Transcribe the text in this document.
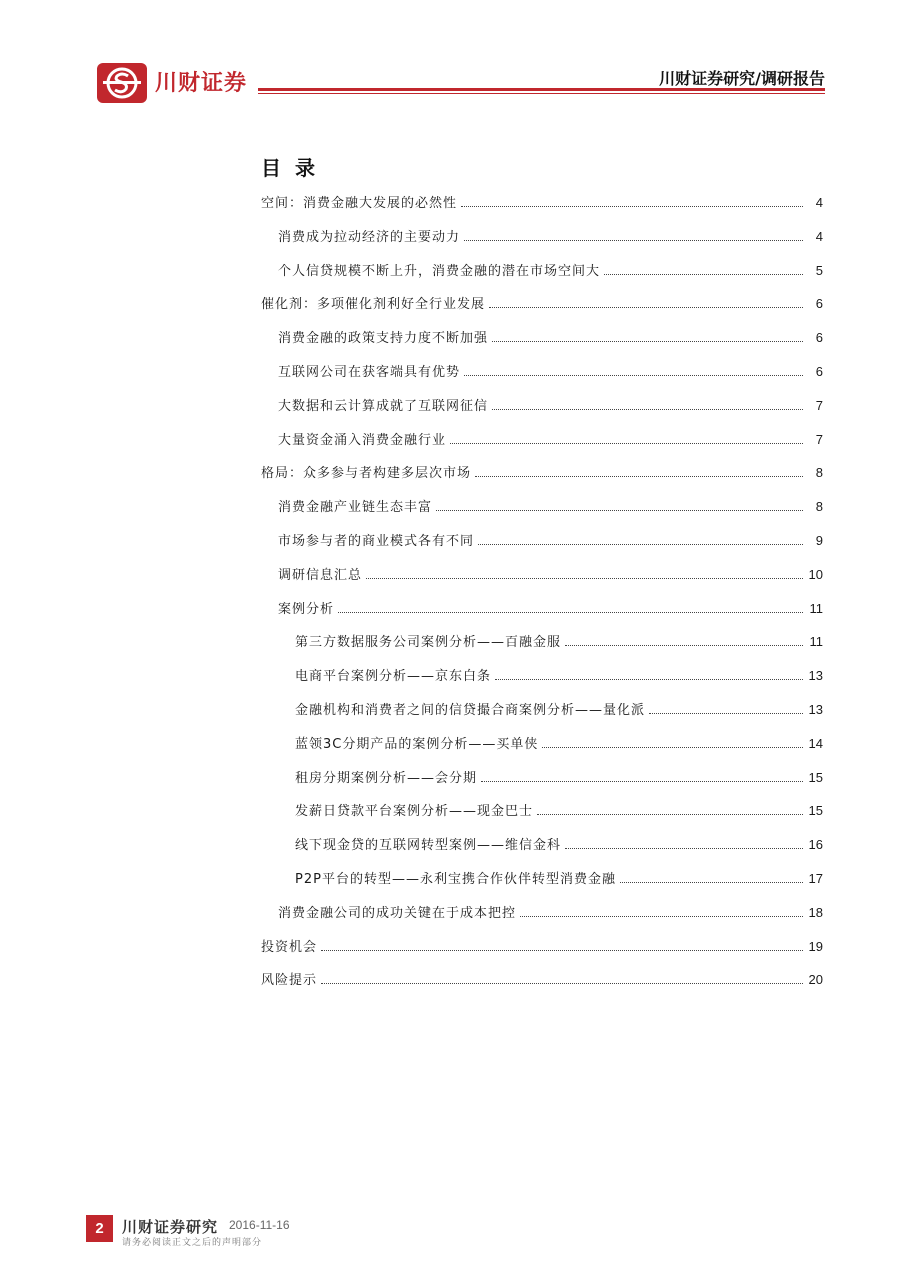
川财证券	川财证券研究/调研报告
目录
空间：消费金融大发展的必然性	4
消费成为拉动经济的主要动力	4
个人信贷规模不断上升，消费金融的潜在市场空间大	5
催化剂：多项催化剂利好全行业发展	6
消费金融的政策支持力度不断加强	6
互联网公司在获客端具有优势	6
大数据和云计算成就了互联网征信	7
大量资金涌入消费金融行业	7
格局：众多参与者构建多层次市场	8
消费金融产业链生态丰富	8
市场参与者的商业模式各有不同	9
调研信息汇总	10
案例分析	11
第三方数据服务公司案例分析——百融金服	11
电商平台案例分析——京东白条	13
金融机构和消费者之间的信贷撮合商案例分析——量化派	13
蓝领3C分期产品的案例分析——买单侠	14
租房分期案例分析——会分期	15
发薪日贷款平台案例分析——现金巴士	15
线下现金贷的互联网转型案例——维信金科	16
P2P平台的转型——永利宝携合作伙伴转型消费金融	17
消费金融公司的成功关键在于成本把控	18
投资机会	19
风险提示	20
2	川财证券研究 2016-11-16
请务必阅读正文之后的声明部分
